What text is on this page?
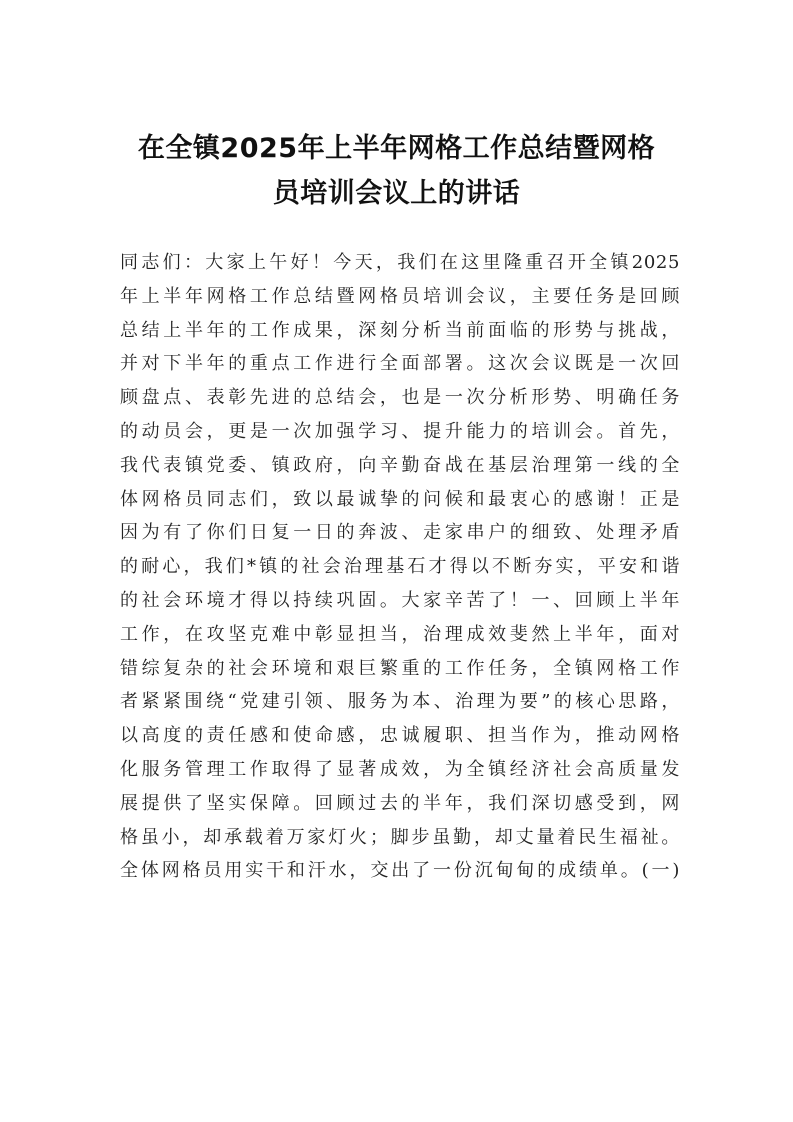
在全镇2025年上半年网格工作总结暨网格
员培训会议上的讲话
同志们：大家上午好！今天，我们在这里隆重召开全镇2025
年上半年网格工作总结暨网格员培训会议，主要任务是回顾
总结上半年的工作成果，深刻分析当前面临的形势与挑战，
并对下半年的重点工作进行全面部署。这次会议既是一次回
顾盘点、表彰先进的总结会，也是一次分析形势、明确任务
的动员会，更是一次加强学习、提升能力的培训会。首先，
我代表镇党委、镇政府，向辛勤奋战在基层治理第一线的全
体网格员同志们，致以最诚挚的问候和最衷心的感谢！正是
因为有了你们日复一日的奔波、走家串户的细致、处理矛盾
的耐心，我们*镇的社会治理基石才得以不断夯实，平安和谐
的社会环境才得以持续巩固。大家辛苦了！一、回顾上半年
工作，在攻坚克难中彰显担当，治理成效斐然上半年，面对
错综复杂的社会环境和艰巨繁重的工作任务，全镇网格工作
者紧紧围绕“党建引领、服务为本、治理为要”的核心思路，
以高度的责任感和使命感，忠诚履职、担当作为，推动网格
化服务管理工作取得了显著成效，为全镇经济社会高质量发
展提供了坚实保障。回顾过去的半年，我们深切感受到，网
格虽小，却承载着万家灯火；脚步虽勤，却丈量着民生福祉。
全体网格员用实干和汗水，交出了一份沉甸甸的成绩单。(一)
